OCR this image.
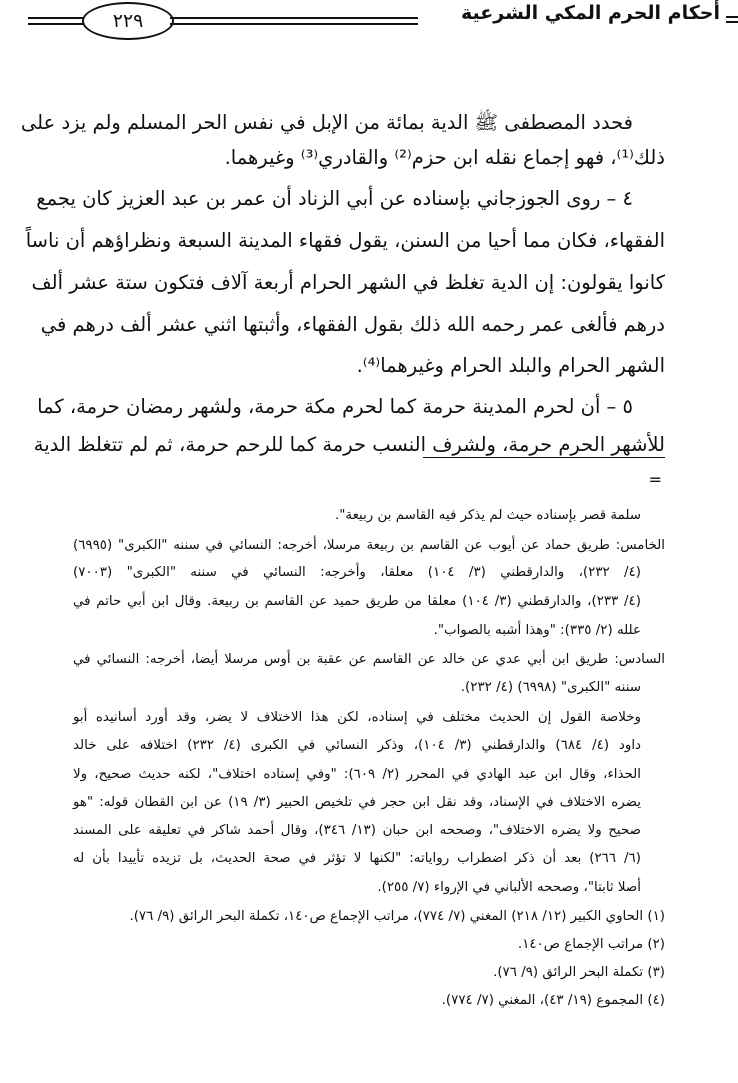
أحكام الحرم المكي الشرعية
٢٢٩
فحدد المصطفى ﷺ الدية بمائة من الإبل في نفس الحر المسلم ولم يزد على
ذلك⁽¹⁾، فهو إجماع نقله ابن حزم⁽²⁾ والقادري⁽³⁾ وغيرهما.
٤ – روى الجوزجاني بإسناده عن أبي الزناد أن عمر بن عبد العزيز كان يجمع
الفقهاء، فكان مما أحيا من السنن، يقول فقهاء المدينة السبعة ونظراؤهم أن ناساً
كانوا يقولون: إن الدية تغلظ في الشهر الحرام أربعة آلاف فتكون ستة عشر ألف
درهم فألغى عمر رحمه الله ذلك بقول الفقهاء، وأثبتها اثني عشر ألف درهم في
الشهر الحرام والبلد الحرام وغيرهما⁽⁴⁾.
٥ – أن لحرم المدينة حرمة كما لحرم مكة حرمة، ولشهر رمضان حرمة، كما
للأشهر الحرم حرمة، ولشرف النسب حرمة كما للرحم حرمة، ثم لم تتغلظ الدية
=
سلمة قصر بإسناده حيث لم يذكر فيه القاسم بن ربيعة".
الخامس: طريق حماد عن أيوب عن القاسم بن ربيعة مرسلا، أخرجه: النسائي في سننه "الكبرى" (٦٩٩٥)
(٤/ ٢٣٢)، والدارقطني (٣/ ١٠٤) معلقا، وأخرجه: النسائي في سننه "الكبرى" (٧٠٠٣)
(٤/ ٢٣٣)، والدارقطني (٣/ ١٠٤) معلقا من طريق حميد عن القاسم بن ربيعة. وقال ابن أبي حاتم في
علله (٢/ ٣٣٥): "وهذا أشبه بالصواب".
السادس: طريق ابن أبي عدي عن خالد عن القاسم عن عقبة بن أوس مرسلا أيضا، أخرجه: النسائي في
سننه "الكبرى" (٦٩٩٨) (٤/ ٢٣٢).
وخلاصة القول إن الحديث مختلف في إسناده، لكن هذا الاختلاف لا يضر، وقد أورد أسانيده أبو
داود (٤/ ٦٨٤) والدارقطني (٣/ ١٠٤)، وذكر النسائي في الكبرى (٤/ ٢٣٢) اختلافه على خالد
الحذاء، وقال ابن عبد الهادي في المحرر (٢/ ٦٠٩): "وفي إسناده اختلاف"، لكنه حديث صحيح، ولا
يضره الاختلاف في الإسناد، وقد نقل ابن حجر في تلخيص الحبير (٣/ ١٩) عن ابن القطان قوله: "هو
صحيح ولا يضره الاختلاف"، وصححه ابن حبان (١٣/ ٣٤٦)، وقال أحمد شاكر في تعليقه على المسند
(٦/ ٢٦٦) بعد أن ذكر اضطراب رواياته: "لكنها لا تؤثر في صحة الحديث، بل تزيده تأييدا بأن له
أصلا ثابتا"، وصححه الألباني في الإرواء (٧/ ٢٥٥).
(١) الحاوي الكبير (١٢/ ٢١٨) المغني (٧/ ٧٧٤)، مراتب الإجماع ص١٤٠، تكملة البحر الرائق (٩/ ٧٦).
(٢) مراتب الإجماع ص١٤٠.
(٣) تكملة البحر الرائق (٩/ ٧٦).
(٤) المجموع (١٩/ ٤٣)، المغني (٧/ ٧٧٤).
